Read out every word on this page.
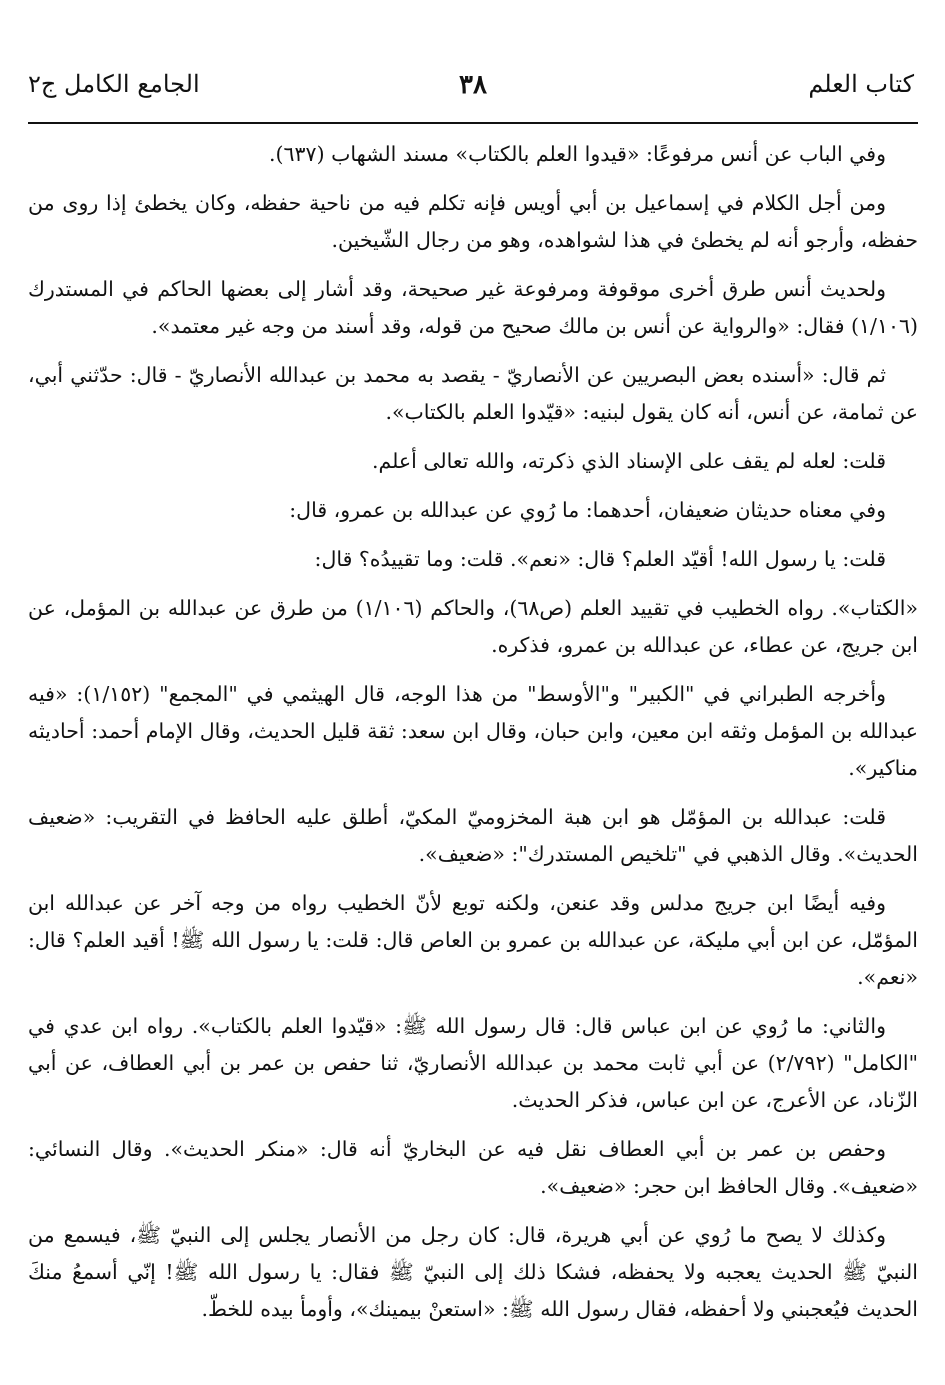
كتاب العلم
٣٨
الجامع الكامل ج٢

وفي الباب عن أنس مرفوعًا: «قيدوا العلم بالكتاب» مسند الشهاب (٦٣٧).

ومن أجل الكلام في إسماعيل بن أبي أويس فإنه تكلم فيه من ناحية حفظه، وكان يخطئ إذا روى من حفظه، وأرجو أنه لم يخطئ في هذا لشواهده، وهو من رجال الشّيخين.

ولحديث أنس طرق أخرى موقوفة ومرفوعة غير صحيحة، وقد أشار إلى بعضها الحاكم في المستدرك (١/١٠٦) فقال: «والرواية عن أنس بن مالك صحيح من قوله، وقد أسند من وجه غير معتمد».

ثم قال: «أسنده بعض البصريين عن الأنصاريّ - يقصد به محمد بن عبدالله الأنصاريّ - قال: حدّثني أبي، عن ثمامة، عن أنس، أنه كان يقول لبنيه: «قيّدوا العلم بالكتاب».

قلت: لعله لم يقف على الإسناد الذي ذكرته، والله تعالى أعلم.

وفي معناه حديثان ضعيفان، أحدهما: ما رُوي عن عبدالله بن عمرو، قال:

قلت: يا رسول الله! أقيّد العلم؟ قال: «نعم». قلت: وما تقييدُه؟ قال:

«الكتاب». رواه الخطيب في تقييد العلم (ص٦٨)، والحاكم (١/١٠٦) من طرق عن عبدالله بن المؤمل، عن ابن جريج، عن عطاء، عن عبدالله بن عمرو، فذكره.

وأخرجه الطبراني في "الكبير" و"الأوسط" من هذا الوجه، قال الهيثمي في "المجمع" (١/١٥٢): «فيه عبدالله بن المؤمل وثقه ابن معين، وابن حبان، وقال ابن سعد: ثقة قليل الحديث، وقال الإمام أحمد: أحاديثه مناكير».

قلت: عبدالله بن المؤمّل هو ابن هبة المخزوميّ المكيّ، أطلق عليه الحافظ في التقريب: «ضعيف الحديث». وقال الذهبي في "تلخيص المستدرك": «ضعيف».

وفيه أيضًا ابن جريج مدلس وقد عنعن، ولكنه توبع لأنّ الخطيب رواه من وجه آخر عن عبدالله ابن المؤمّل، عن ابن أبي مليكة، عن عبدالله بن عمرو بن العاص قال: قلت: يا رسول الله ﷺ! أقيد العلم؟ قال: «نعم».

والثاني: ما رُوي عن ابن عباس قال: قال رسول الله ﷺ: «قيّدوا العلم بالكتاب». رواه ابن عدي في "الكامل" (٢/٧٩٢) عن أبي ثابت محمد بن عبدالله الأنصاريّ، ثنا حفص بن عمر بن أبي العطاف، عن أبي الزّناد، عن الأعرج، عن ابن عباس، فذكر الحديث.

وحفص بن عمر بن أبي العطاف نقل فيه عن البخاريّ أنه قال: «منكر الحديث». وقال النسائي: «ضعيف». وقال الحافظ ابن حجر: «ضعيف».

وكذلك لا يصح ما رُوي عن أبي هريرة، قال: كان رجل من الأنصار يجلس إلى النبيّ ﷺ، فيسمع من النبيّ ﷺ الحديث يعجبه ولا يحفظه، فشكا ذلك إلى النبيّ ﷺ فقال: يا رسول الله ﷺ! إنّي أسمعُ منكَ الحديث فيُعجبني ولا أحفظه، فقال رسول الله ﷺ: «استعنْ بيمينك»، وأومأ بيده للخطّ.
